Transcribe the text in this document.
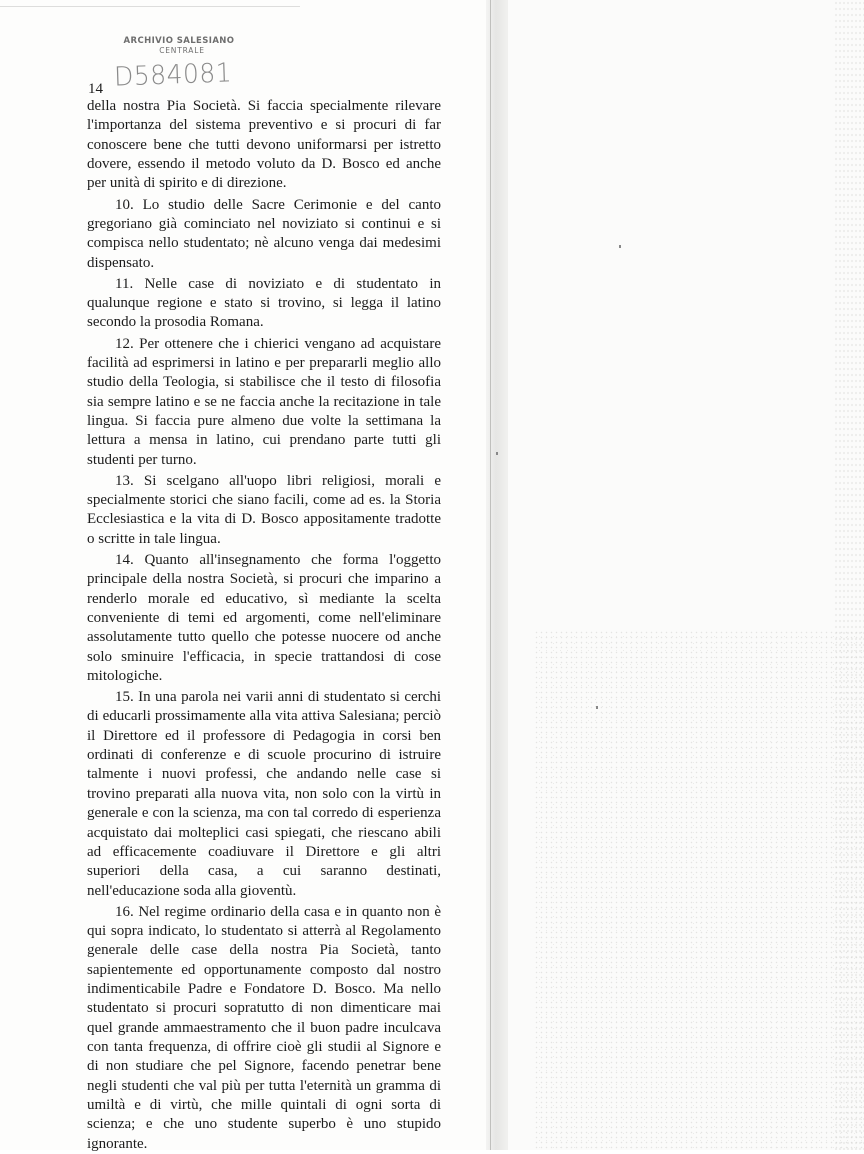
ARCHIVIO SALESIANO
CENTRALE
D584081
14

della nostra Pia Società. Si faccia specialmente rilevare l'importanza del sistema preventivo e si procuri di far conoscere bene che tutti devono uniformarsi per istretto dovere, essendo il metodo voluto da D. Bosco ed anche per unità di spirito e di direzione.

10. Lo studio delle Sacre Cerimonie e del canto gregoriano già cominciato nel noviziato si continui e si compisca nello studentato; nè alcuno venga dai medesimi dispensato.

11. Nelle case di noviziato e di studentato in qualunque regione e stato si trovino, si legga il latino secondo la prosodia Romana.

12. Per ottenere che i chierici vengano ad acquistare facilità ad esprimersi in latino e per prepararli meglio allo studio della Teologia, si stabilisce che il testo di filosofia sia sempre latino e se ne faccia anche la recitazione in tale lingua. Si faccia pure almeno due volte la settimana la lettura a mensa in latino, cui prendano parte tutti gli studenti per turno.

13. Si scelgano all'uopo libri religiosi, morali e specialmente storici che siano facili, come ad es. la Storia Ecclesiastica e la vita di D. Bosco appositamente tradotte o scritte in tale lingua.

14. Quanto all'insegnamento che forma l'oggetto principale della nostra Società, si procuri che imparino a renderlo morale ed educativo, sì mediante la scelta conveniente di temi ed argomenti, come nell'eliminare assolutamente tutto quello che potesse nuocere od anche solo sminuire l'efficacia, in specie trattandosi di cose mitologiche.

15. In una parola nei varii anni di studentato si cerchi di educarli prossimamente alla vita attiva Salesiana; perciò il Direttore ed il professore di Pedagogia in corsi ben ordinati di conferenze e di scuole procurino di istruire talmente i nuovi professi, che andando nelle case si trovino preparati alla nuova vita, non solo con la virtù in generale e con la scienza, ma con tal corredo di esperienza acquistato dai molteplici casi spiegati, che riescano abili ad efficacemente coadiuvare il Direttore e gli altri superiori della casa, a cui saranno destinati, nell'educazione soda alla gioventù.

16. Nel regime ordinario della casa e in quanto non è qui sopra indicato, lo studentato si atterrà al Regolamento generale delle case della nostra Pia Società, tanto sapientemente ed opportunamente composto dal nostro indimenticabile Padre e Fondatore D. Bosco. Ma nello studentato si procuri sopratutto di non dimenticare mai quel grande ammaestramento che il buon padre inculcava con tanta frequenza, di offrire cioè gli studii al Signore e di non studiare che pel Signore, facendo penetrar bene negli studenti che val più per tutta l'eternità un gramma di umiltà e di virtù, che mille quintali di ogni sorta di scienza; e che uno studente superbo è uno stupido ignorante.
